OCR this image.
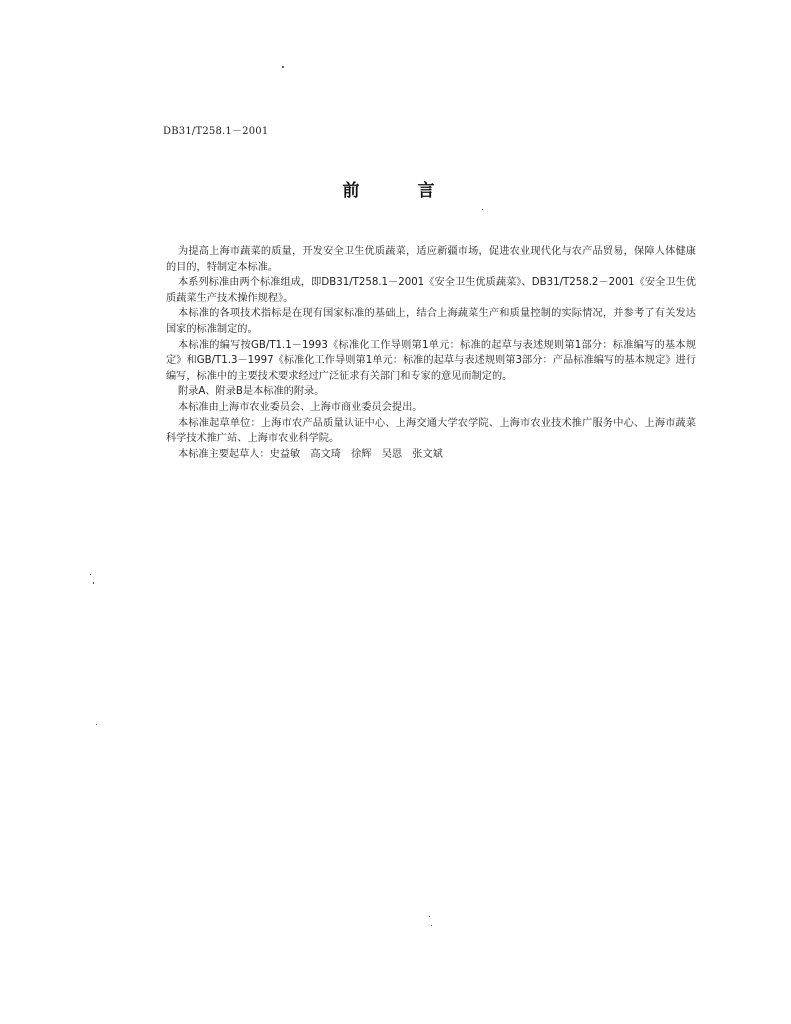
DB31/T258.1－2001
前言

为提高上海市蔬菜的质量，开发安全卫生优质蔬菜，适应新疆市场，促进农业现代化与农产品贸易，保障人体健康的目的，特制定本标准。

本系列标准由两个标准组成，即DB31/T258.1－2001《安全卫生优质蔬菜》、DB31/T258.2－2001《安全卫生优质蔬菜生产技术操作规程》。

本标准的各项技术指标是在现有国家标准的基础上，结合上海蔬菜生产和质量控制的实际情况，并参考了有关发达国家的标准制定的。

本标准的编写按GB/T1.1－1993《标准化工作导则第1单元：标准的起草与表述规则第1部分：标准编写的基本规定》和GB/T1.3－1997《标准化工作导则第1单元：标准的起草与表述规则第3部分：产品标准编写的基本规定》进行编写，标准中的主要技术要求经过广泛征求有关部门和专家的意见而制定的。

附录A、附录B是本标准的附录。

本标准由上海市农业委员会、上海市商业委员会提出。

本标准起草单位：上海市农产品质量认证中心、上海交通大学农学院、上海市农业技术推广服务中心、上海市蔬菜科学技术推广站、上海市农业科学院。

本标准主要起草人：史益敏　高文琦　徐辉　吴恩　张文斌
